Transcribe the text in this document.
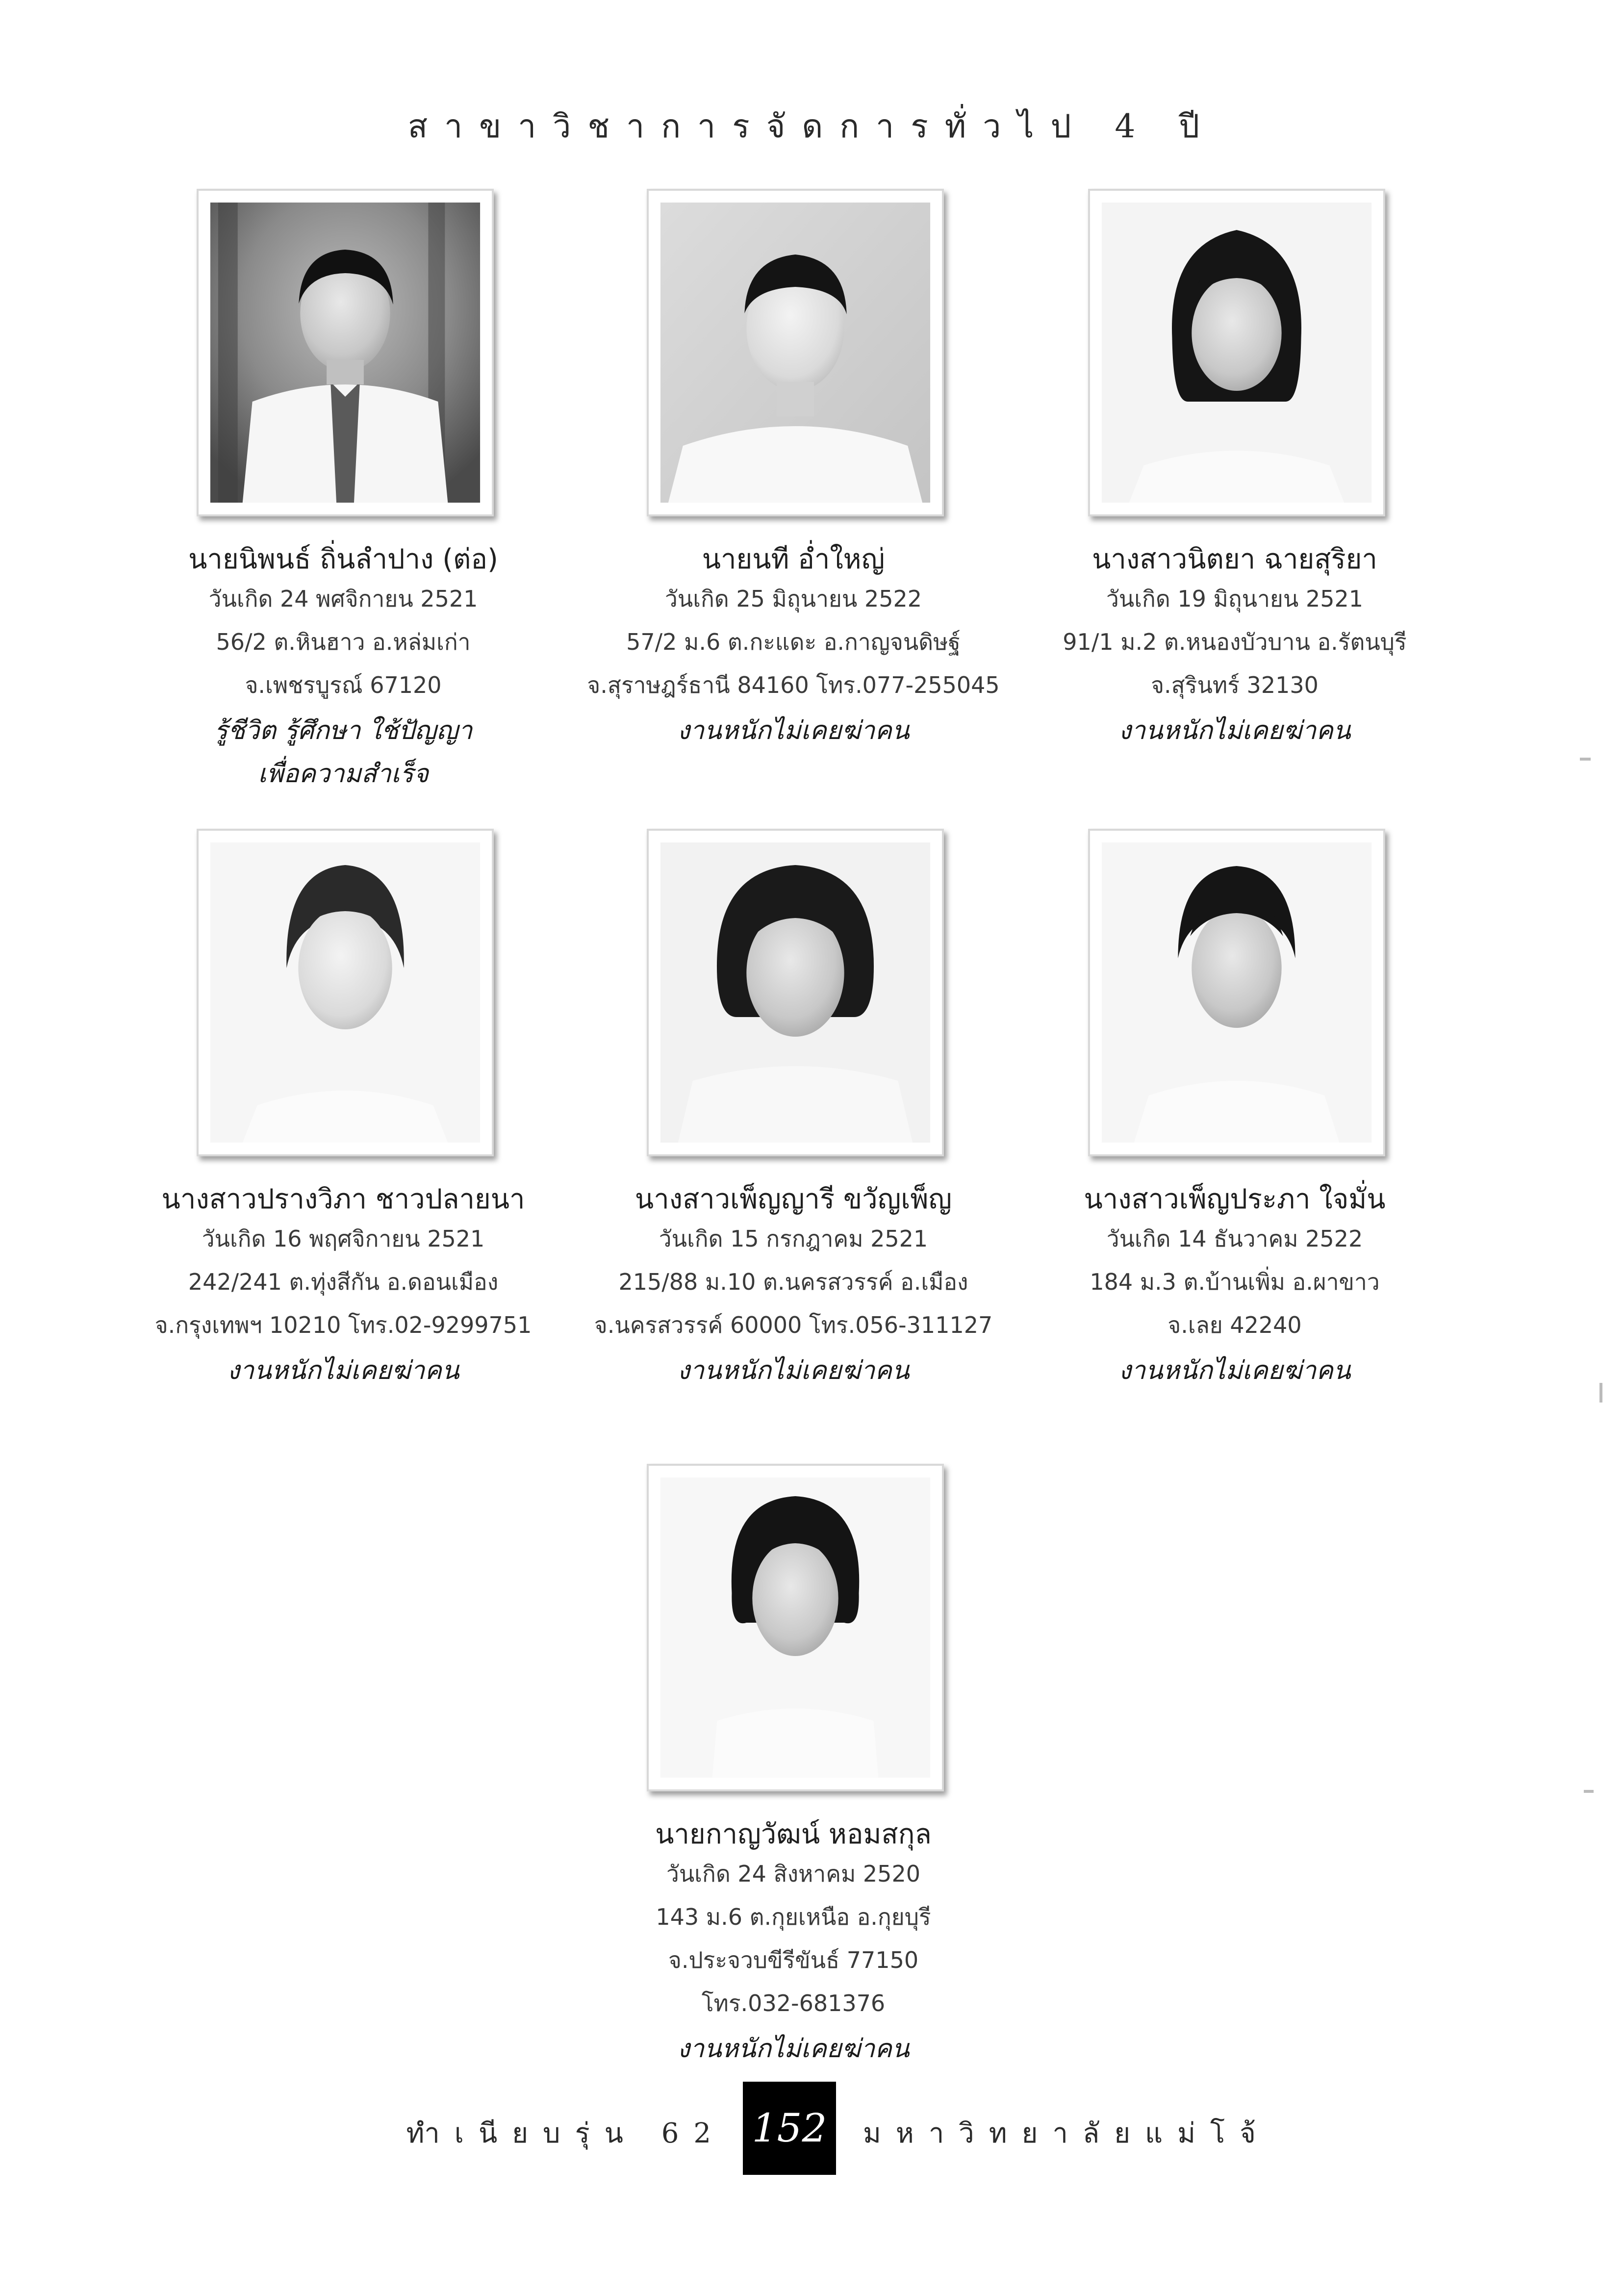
สาขาวิชาการจัดการทั่วไป 4 ปี
นายนิพนธ์ ถิ่นลำปาง (ต่อ)
วันเกิด 24 พศจิกายน 2521
56/2 ต.หินฮาว อ.หล่มเก่า
จ.เพชรบูรณ์ 67120
รู้ชีวิต รู้ศึกษา ใช้ปัญญา
เพื่อความสำเร็จ
นายนที อ่ำใหญ่
วันเกิด 25 มิถุนายน 2522
57/2 ม.6 ต.กะแดะ อ.กาญจนดิษฐ์
จ.สุราษฎร์ธานี 84160 โทร.077-255045
งานหนักไม่เคยฆ่าคน
นางสาวนิตยา ฉายสุริยา
วันเกิด 19 มิถุนายน 2521
91/1 ม.2 ต.หนองบัวบาน อ.รัตนบุรี
จ.สุรินทร์ 32130
งานหนักไม่เคยฆ่าคน
นางสาวปรางวิภา ชาวปลายนา
วันเกิด 16 พฤศจิกายน 2521
242/241 ต.ทุ่งสีกัน อ.ดอนเมือง
จ.กรุงเทพฯ 10210 โทร.02-9299751
งานหนักไม่เคยฆ่าคน
นางสาวเพ็ญญารี ขวัญเพ็ญ
วันเกิด 15 กรกฎาคม 2521
215/88 ม.10 ต.นครสวรรค์ อ.เมือง
จ.นครสวรรค์ 60000 โทร.056-311127
งานหนักไม่เคยฆ่าคน
นางสาวเพ็ญประภา ใจมั่น
วันเกิด 14 ธันวาคม 2522
184 ม.3 ต.บ้านเพิ่ม อ.ผาขาว
จ.เลย 42240
งานหนักไม่เคยฆ่าคน
นายกาญวัฒน์ หอมสกุล
วันเกิด 24 สิงหาคม 2520
143 ม.6 ต.กุยเหนือ อ.กุยบุรี
จ.ประจวบขีรีขันธ์ 77150
โทร.032-681376
งานหนักไม่เคยฆ่าคน
ทำเนียบรุ่น 62 152	มหาวิทยาลัยแม่โจ้
